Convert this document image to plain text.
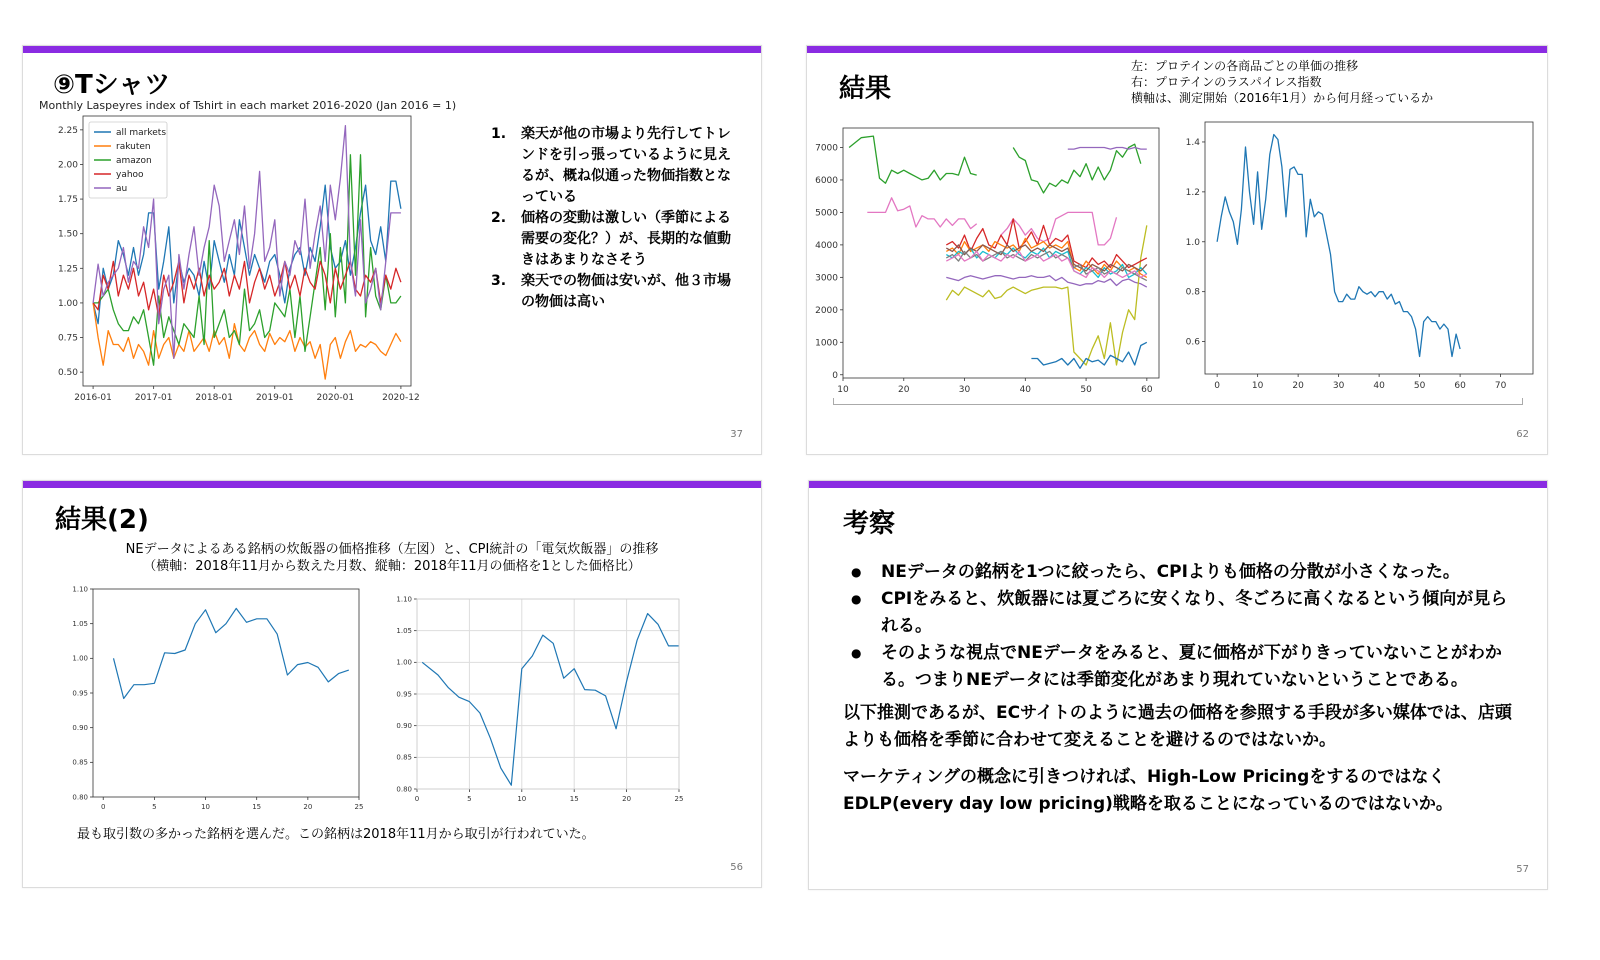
⑨Tシャツ
Monthly Laspeyres index of Tshirt in each market 2016-2020 (Jan 2016 = 1)
0.50
0.75
1.00
1.25
1.50
1.75
2.00
2.25
2016-01	2017-01	2018-01	2019-01	2020-01	2020-12
all markets
rakuten
amazon
yahoo
au
1. 楽天が他の市場より先行してトレンドを引っ張っているように見えるが、概ね似通った物価指数となっている
2. 価格の変動は激しい（季節による需要の変化？）が、長期的な値動きはあまりなさそう
3. 楽天での物価は安いが、他３市場の物価は高い
37
結果
左：プロテインの各商品ごとの単価の推移
右：プロテインのラスパイレス指数
横軸は、測定開始（2016年1月）から何月経っているか
0
1000
2000
3000
4000
5000
6000
7000
10	20	30	40	50	60
0.6
0.8
1.0
1.2
1.4
0	10	20	30	40	50	60	70
62
結果(2)
NEデータによるある銘柄の炊飯器の価格推移（左図）と、CPI統計の「電気炊飯器」の推移
（横軸：2018年11月から数えた月数、縦軸：2018年11月の価格を1とした価格比）
0.80
0.85
0.90
0.95
1.00
1.05
1.10
0	5	10	15	20	25
0.80
0.85
0.90
0.95
1.00
1.05
1.10
0	5	10	15	20	25
最も取引数の多かった銘柄を選んだ。この銘柄は2018年11月から取引が行われていた。
56
考察
● NEデータの銘柄を1つに絞ったら、CPIよりも価格の分散が小さくなった。
● CPIをみると、炊飯器には夏ごろに安くなり、冬ごろに高くなるという傾向が見られる。
● そのような視点でNEデータをみると、夏に価格が下がりきっていないことがわかる。つまりNEデータには季節変化があまり現れていないということである。

以下推測であるが、ECサイトのように過去の価格を参照する手段が多い媒体では、店頭よりも価格を季節に合わせて変えることを避けるのではないか。

マーケティングの概念に引きつければ、High-Low PricingをするのではなくEDLP(every day low pricing)戦略を取ることになっているのではないか。

57
